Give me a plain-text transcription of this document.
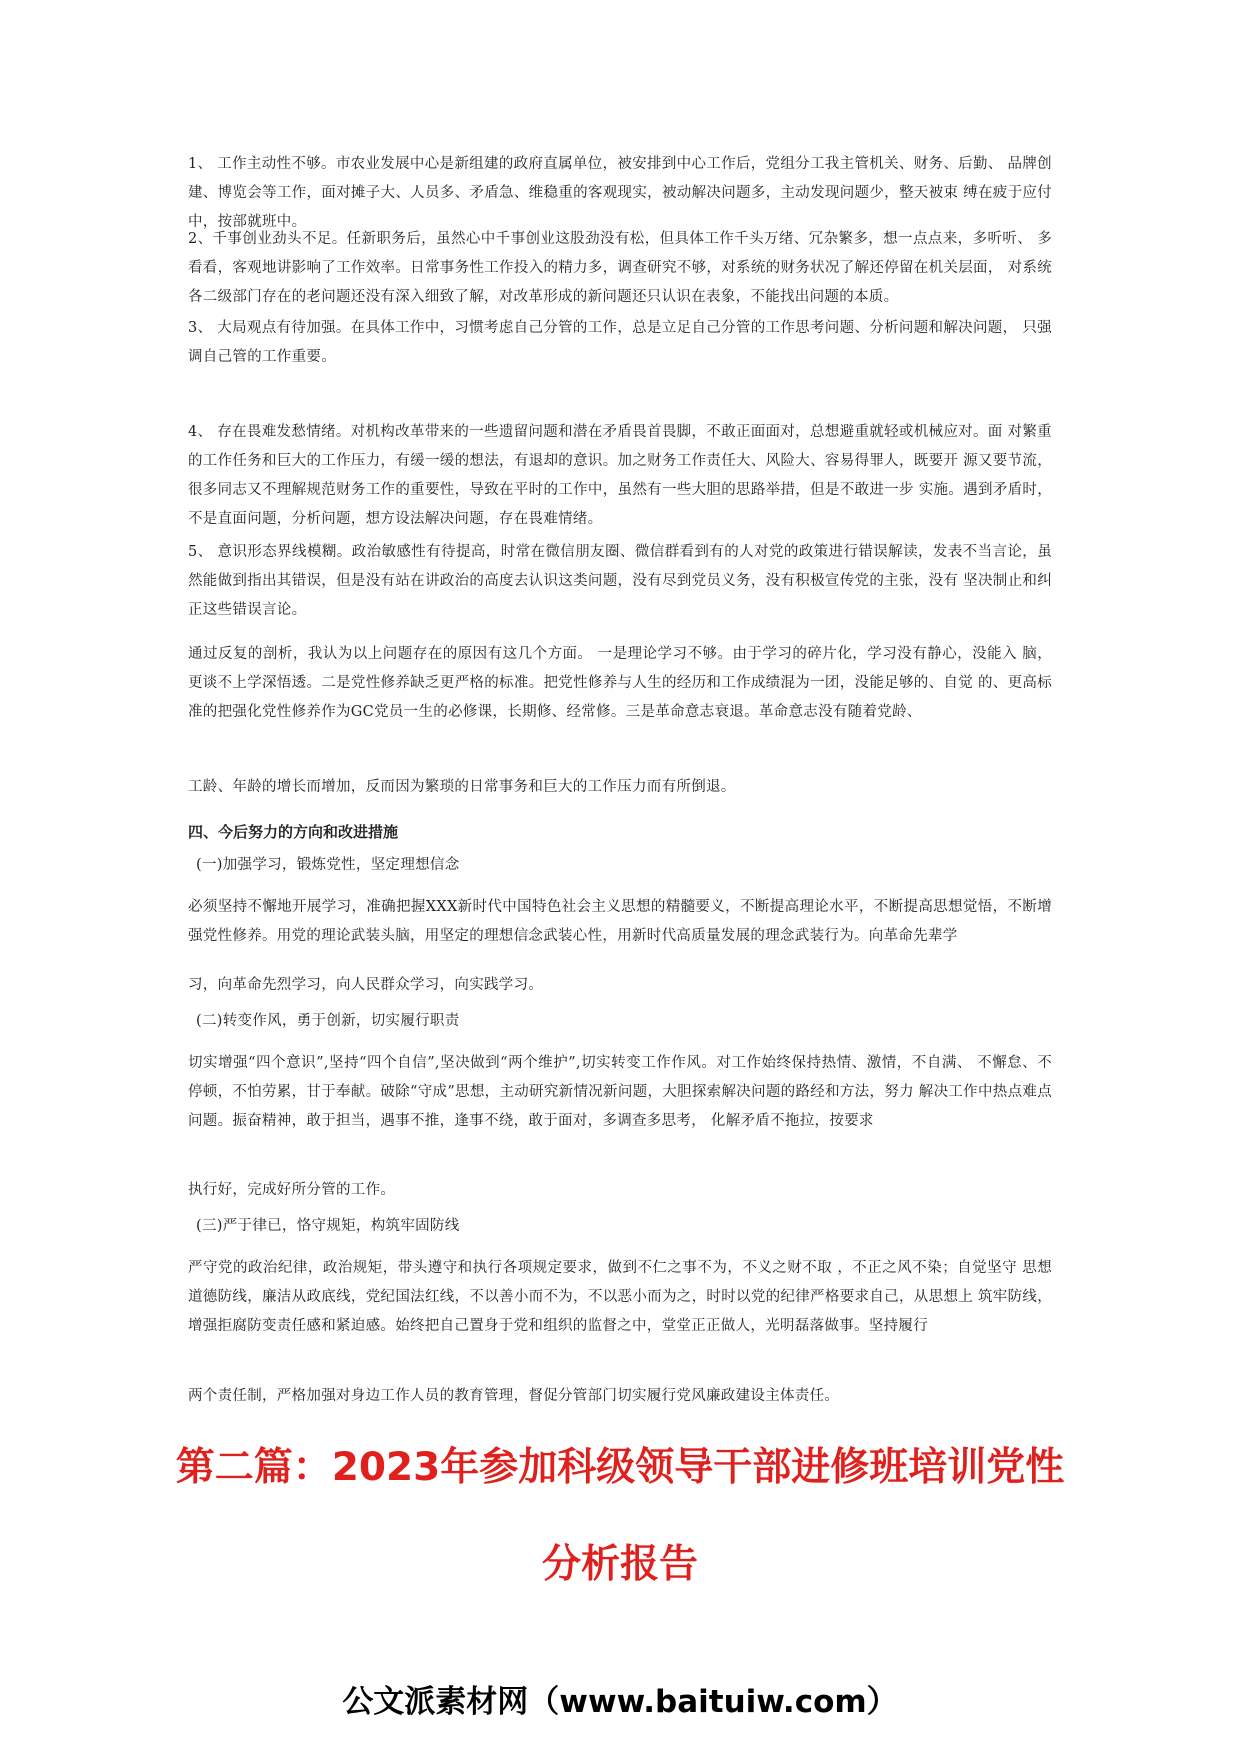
1、 工作主动性不够。市农业发展中心是新组建的政府直属单位，被安排到中心工作后，党组分工我主管机关、财务、后勤、 品牌创建、博览会等工作，面对摊子大、人员多、矛盾急、维稳重的客观现实，被动解决问题多，主动发现问题少，整天被束 缚在疲于应付中，按部就班中。

2、千事创业劲头不足。任新职务后，虽然心中千事创业这股劲没有松，但具体工作千头万绪、冗杂繁多，想一点点来，多听听、 多看看，客观地讲影响了工作效率。日常事务性工作投入的精力多，调查研究不够，对系统的财务状况了解还停留在机关层面， 对系统各二级部门存在的老问题还没有深入细致了解，对改革形成的新问题还只认识在表象，不能找出问题的本质。

3、 大局观点有待加强。在具体工作中，习惯考虑自己分管的工作，总是立足自己分管的工作思考问题、分析问题和解决问题， 只强调自己管的工作重要。

4、 存在畏难发愁情绪。对机构改革带来的一些遗留问题和潜在矛盾畏首畏脚，不敢正面面对，总想避重就轻或机械应对。面 对繁重的工作任务和巨大的工作压力，有缓一缓的想法，有退却的意识。加之财务工作责任大、风险大、容易得罪人，既要开 源又要节流，很多同志又不理解规范财务工作的重要性，导致在平时的工作中，虽然有一些大胆的思路举措，但是不敢进一步 实施。遇到矛盾时，不是直面问题，分析问题，想方设法解决问题，存在畏难情绪。

5、 意识形态界线模糊。政治敏感性有待提高，时常在微信朋友圈、微信群看到有的人对党的政策进行错误解读，发表不当言论，虽然能做到指出其错误，但是没有站在讲政治的高度去认识这类问题，没有尽到党员义务，没有积极宣传党的主张，没有 坚决制止和纠正这些错误言论。

通过反复的剖析，我认为以上问题存在的原因有这几个方面。 一是理论学习不够。由于学习的碎片化，学习没有静心，没能入 脑，更谈不上学深悟透。二是党性修养缺乏更严格的标准。把党性修养与人生的经历和工作成绩混为一团，没能足够的、自觉 的、更高标准的把强化党性修养作为GC党员一生的必修课，长期修、经常修。三是革命意志衰退。革命意志没有随着党龄、

工龄、年龄的增长而增加，反而因为繁琐的日常事务和巨大的工作压力而有所倒退。

四、今后努力的方向和改进措施

(一)加强学习，锻炼党性，坚定理想信念

必须坚持不懈地开展学习，准确把握XXX新时代中国特色社会主义思想的精髓要义，不断提高理论水平，不断提高思想觉悟，不断增强党性修养。用党的理论武装头脑，用坚定的理想信念武装心性，用新时代高质量发展的理念武装行为。向革命先辈学

习，向革命先烈学习，向人民群众学习，向实践学习。

(二)转变作风，勇于创新，切实履行职责

切实增强“四个意识”,坚持“四个自信”,坚决做到“两个维护”,切实转变工作作风。对工作始终保持热情、激情，不自满、 不懈怠、不停顿，不怕劳累，甘于奉献。破除“守成”思想，主动研究新情况新问题，大胆探索解决问题的路经和方法，努力 解决工作中热点难点问题。振奋精神，敢于担当，遇事不推，逢事不绕，敢于面对，多调查多思考， 化解矛盾不拖拉，按要求

执行好，完成好所分管的工作。

(三)严于律已，恪守规矩，构筑牢固防线

严守党的政治纪律，政治规矩，带头遵守和执行各项规定要求，做到不仁之事不为，不义之财不取 ，不正之风不染；自觉坚守 思想道德防线，廉洁从政底线，党纪国法红线，不以善小而不为，不以恶小而为之，时时以党的纪律严格要求自己，从思想上 筑牢防线，增强拒腐防变责任感和紧迫感。始终把自己置身于党和组织的监督之中，堂堂正正做人，光明磊落做事。坚持履行

两个责任制，严格加强对身边工作人员的教育管理，督促分管部门切实履行党风廉政建设主体责任。

第二篇：2023年参加科级领导干部进修班培训党性
分析报告

公文派素材网（www.baituiw.com）
